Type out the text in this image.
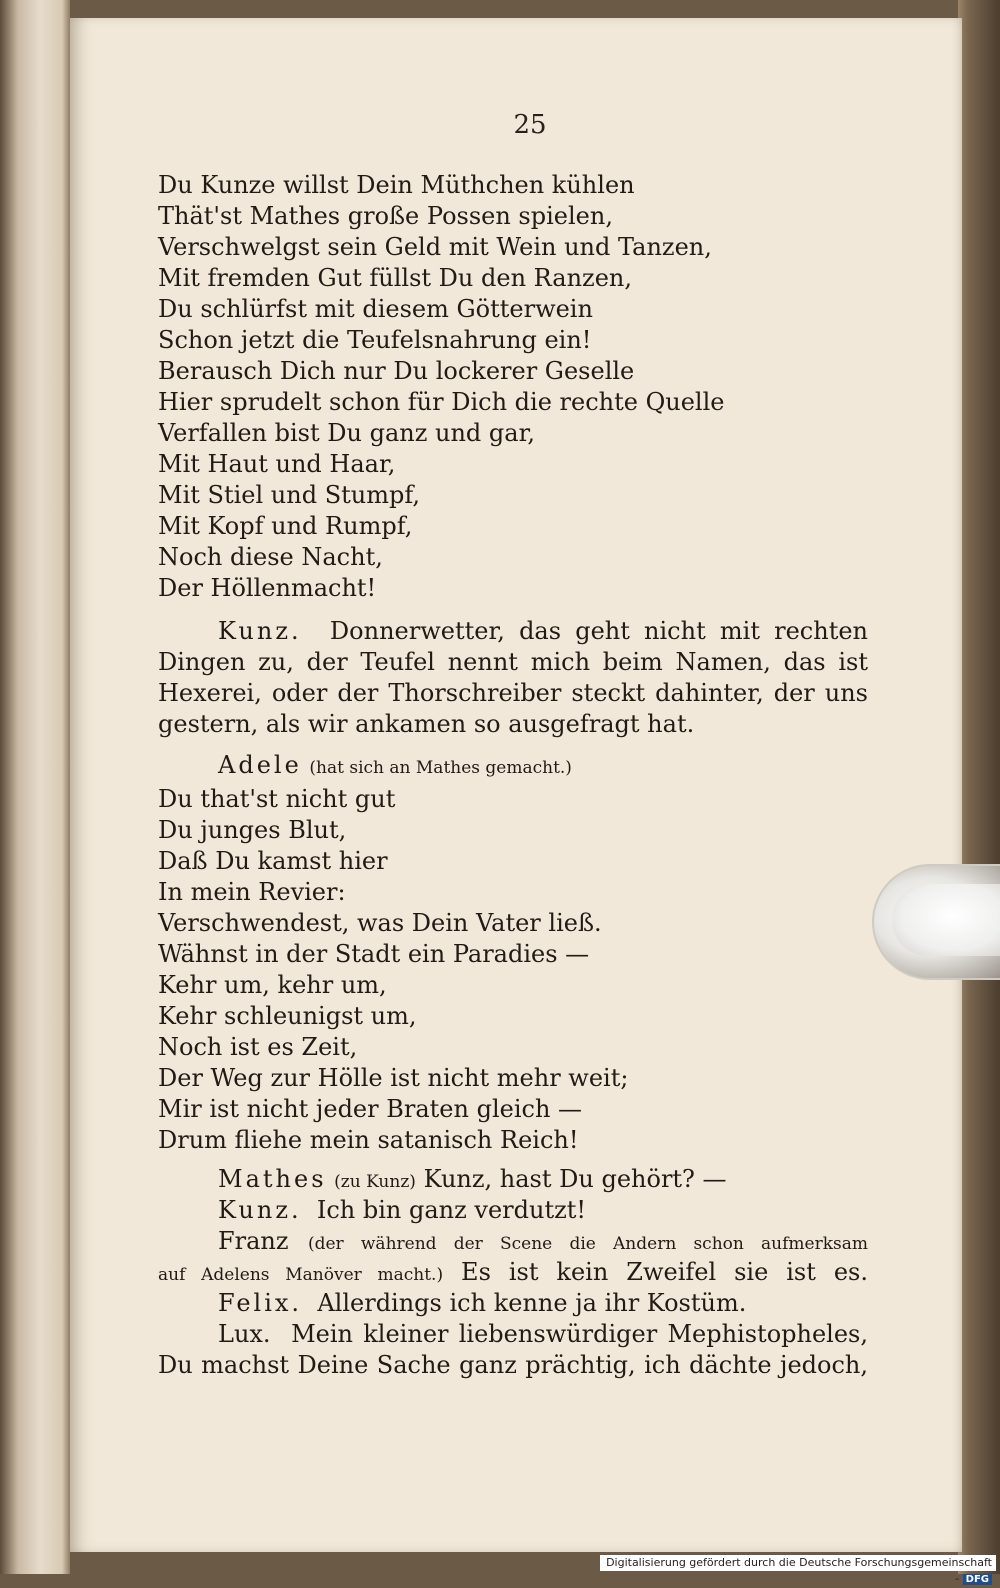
25
Du Kunze willst Dein Müthchen kühlen
Thät'st Mathes große Possen spielen,
Verschwelgst sein Geld mit Wein und Tanzen,
Mit fremden Gut füllst Du den Ranzen,
Du schlürfst mit diesem Götterwein
Schon jetzt die Teufelsnahrung ein!
Berausch Dich nur Du lockerer Geselle
Hier sprudelt schon für Dich die rechte Quelle
Verfallen bist Du ganz und gar,
Mit Haut und Haar,
Mit Stiel und Stumpf,
Mit Kopf und Rumpf,
Noch diese Nacht,
Der Höllenmacht!
Kunz. Donnerwetter, das geht nicht mit rechten
Dingen zu, der Teufel nennt mich beim Namen, das ist
Hexerei, oder der Thorschreiber steckt dahinter, der uns
gestern, als wir ankamen so ausgefragt hat.
Adele (hat sich an Mathes gemacht.)
Du that'st nicht gut
Du junges Blut,
Daß Du kamst hier
In mein Revier:
Verschwendest, was Dein Vater ließ.
Wähnst in der Stadt ein Paradies —
Kehr um, kehr um,
Kehr schleunigst um,
Noch ist es Zeit,
Der Weg zur Hölle ist nicht mehr weit;
Mir ist nicht jeder Braten gleich —
Drum fliehe mein satanisch Reich!
Mathes (zu Kunz) Kunz, hast Du gehört? —
Kunz. Ich bin ganz verdutzt!
Franz (der während der Scene die Andern schon aufmerksam
auf Adelens Manöver macht.) Es ist kein Zweifel sie ist es.
Felix. Allerdings ich kenne ja ihr Kostüm.
Lux. Mein kleiner liebenswürdiger Mephistopheles,
Du machst Deine Sache ganz prächtig, ich dächte jedoch,
Digitalisierung gefördert durch die Deutsche Forschungsgemeinschaft - DFG
